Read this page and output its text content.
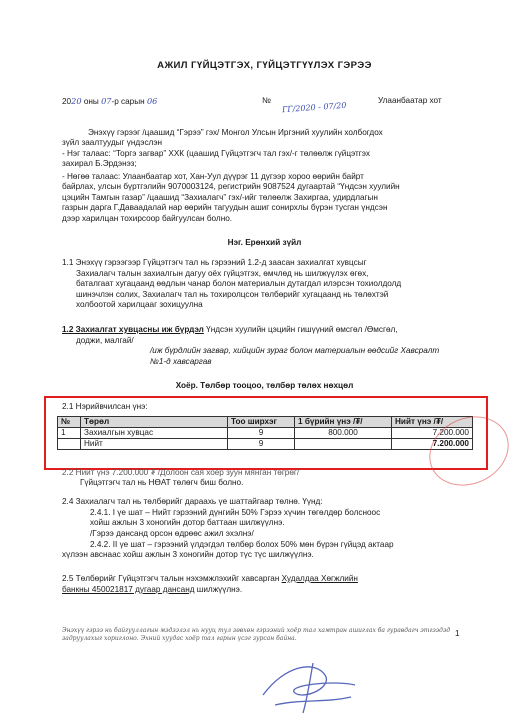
АЖИЛ ГҮЙЦЭТГЭХ, ГҮЙЦЭТГҮҮЛЭХ ГЭРЭЭ
2020 оны 07-р сарын 06	№
ГГ/2020 - 07/20
Улаанбаатар хот
Энэхүү гэрээг /цаашид “Гэрээ” гэх/ Монгол Улсын Иргэний хуулийн холбогдох
зүйл заалтуудыг үндэслэн
- Нэг талаас: “Торгэ загвар” ХХК (цаашид Гүйцэтгэгч тал гэх/-г төлөөлж гүйцэтгэх
захирал Б.Эрдэнэз;
- Нөгөө талаас: Улаанбаатар хот, Хан-Уул дүүрэг 11 дүгээр хороо өөрийн байрт
байрлах, улсын бүртгэлийн 9070003124, регистрийн 9087524 дугаартай “Үндсэн хуулийн
цэцийн Тамгын газар” /цаашид “Захиалагч” гэх/-ийг төлөөлж Захиргаа, удирдлагын
газрын дарга Г.Даваадалай нар өөрийн тагуудын ашиг сонирхлы бүрэн тусган үндсэн
дээр харилцан тохирсоор байгуулсан болно.
Нэг. Ерөнхий зүйл
1.1 Энэхүү гэрээгээр Гүйцэтгэгч тал нь гэрээний 1.2-д заасан захиалгат хувцсыг
Захиалагч талын захиалгын дагуу оёх гүйцэтгэх, өмчлөд нь шилжүүлэх өгөх,
баталгаат хугацаанд өөдлын чанар болон материалын дутагдал илэрсэн тохиолдолд
шинэчлэн солих, Захиалагч тал нь тохиролцсон төлбөрийг хугацаанд нь төлөхтэй
холбоотой харилцааг зохицуулна
1.2 Захиалгат хувцасны иж бүрдэл Үндсэн хуулийн цэцийн гишүүний өмсгөл /Өмсгөл,
доджи, малгай/
/иж бүрдлийн загвар, хийцийн зураг болон материалын өөдсийг Хавсралт
№1-д хавсаргав
Хоёр. Төлбөр тооцоо, төлбөр төлөх нөхцөл
2.1 Нэрийвчилсан үнэ:
№	Төрөл	Тоо ширхэг	1 бүрийн үнэ /₮/	Нийт үнэ /₮/
1	Захиалгын хувцас	9	800.000	7.200.000
	Нийт	9		7.200.000
2.2 Нийт үнэ 7.200.000 ₮ /Долоон сая хоёр зуун мянган төгрөг/
Гүйцэтгэгч тал нь НӨАТ төлөгч биш болно.
2.4 Захиалагч тал нь төлбөрийг дараахь үе шаттайгаар төлнө. Үүнд:
2.4.1. I үе шат – Нийт гэрээний дүнгийн 50% Гэрээ хүчин төгөлдөр болсноос
хойш ажлын 3 хоногийн дотор баттаан шилжүүлнэ.
/Гэрээ дансанд орсон өдрөөс ажил эхэлнэ/
2.4.2. II үе шат – гэрээний үлдэгдэл төлбөр болох 50% мөн бүрэн гүйцэд актаар
хүлээн авснаас хойш ажлын 3 хоногийн дотор түс түс шилжүүлнэ.
2.5 Төлбөрийг Гүйцэтгэгч талын нэхэмжлэхийг хавсарган Худалдаа Хөгжлийн
банкны 450021817 дугаар дансанд шилжүүлнэ.
Энэхүү гэрээ нь байгууллагын мэдээлэл нь нууц тул зөвхөн гэрээний хоёр тал хамтран ашиглах ба гуравдагч этгээдэд
задруулахыг хориглоно. Эхний хуудас хоёр тал гарын үсэг зурсан байна.
1
